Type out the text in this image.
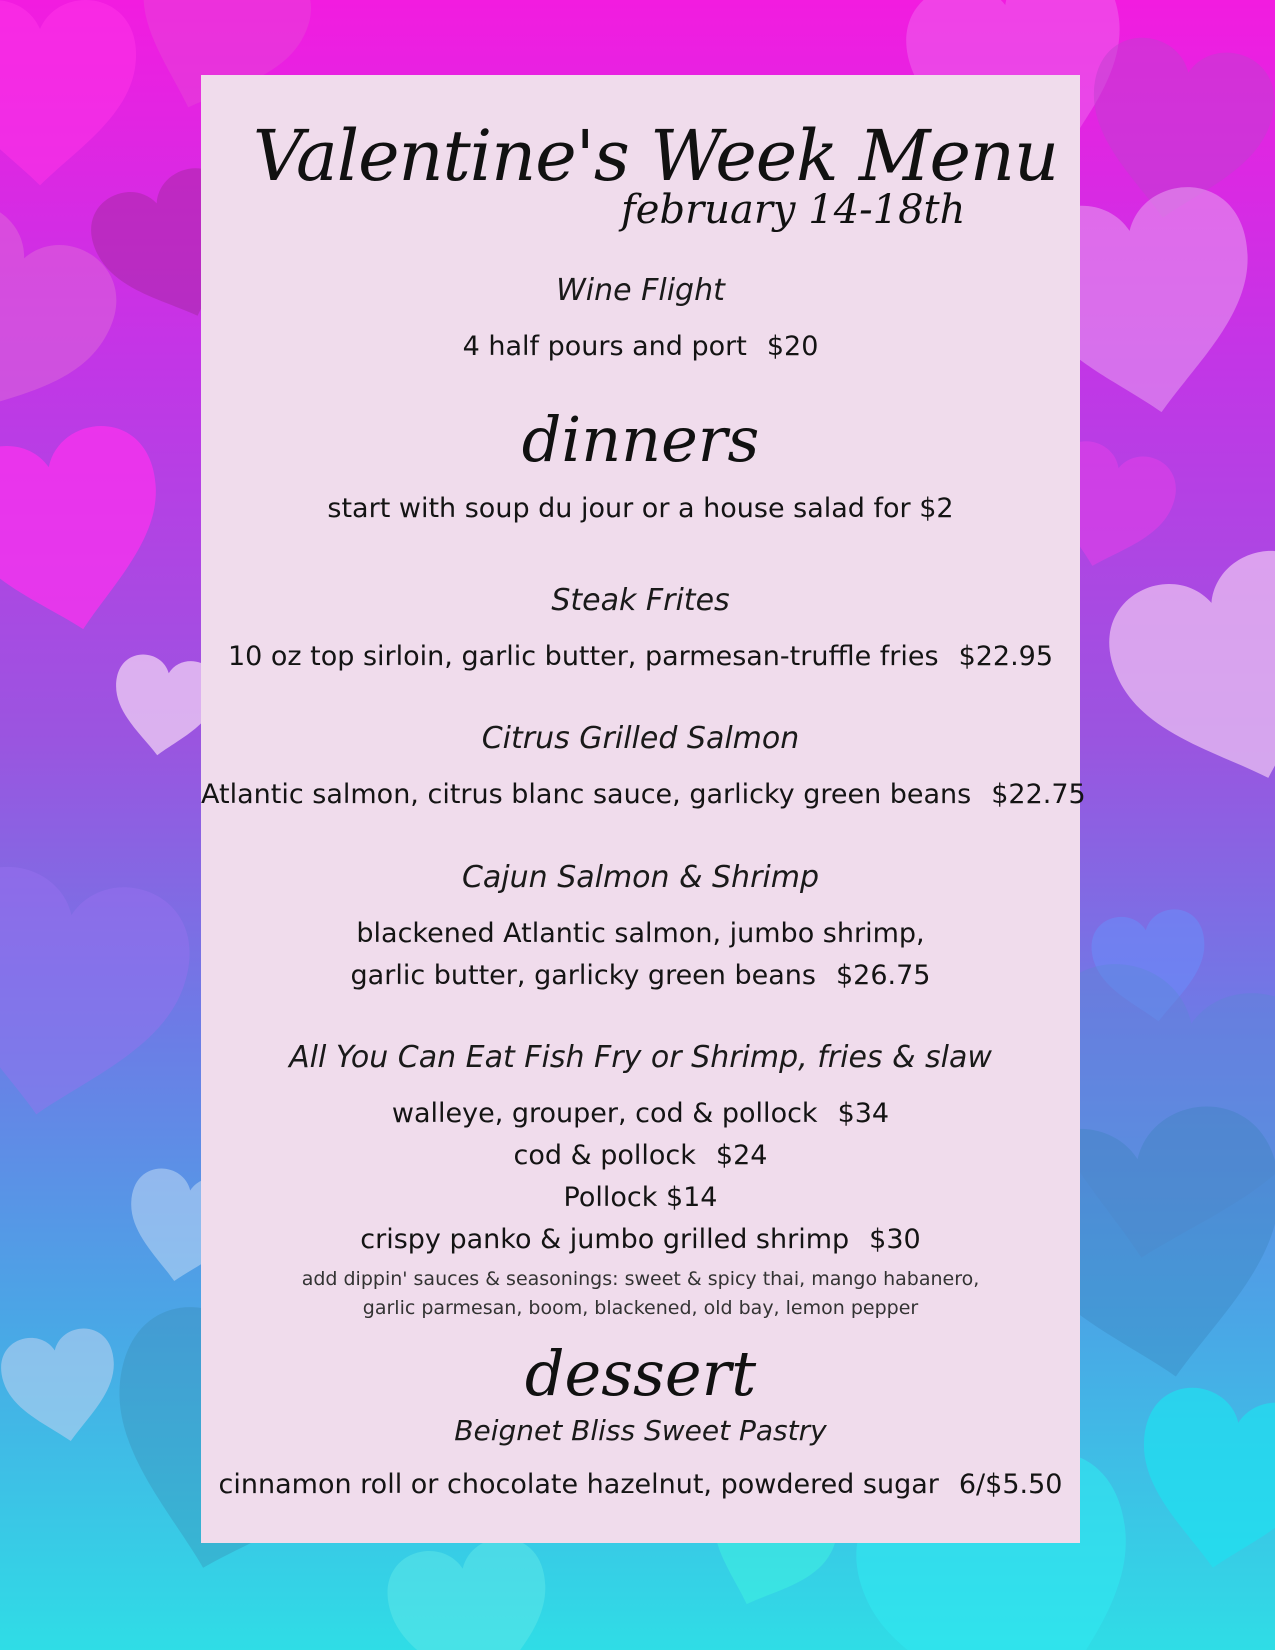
Valentine's Week Menu
february 14-18th
Wine Flight
4 half pours and port $20
dinners
start with soup du jour or a house salad for $2
Steak Frites
10 oz top sirloin, garlic butter, parmesan-truffle fries $22.95
Citrus Grilled Salmon
Atlantic salmon, citrus blanc sauce, garlicky green beans $22.75
Cajun Salmon & Shrimp
blackened Atlantic salmon, jumbo shrimp,
garlic butter, garlicky green beans $26.75
All You Can Eat Fish Fry or Shrimp, fries & slaw
walleye, grouper, cod & pollock $34
cod & pollock $24
Pollock $14
crispy panko & jumbo grilled shrimp $30
add dippin' sauces & seasonings: sweet & spicy thai, mango habanero,
garlic parmesan, boom, blackened, old bay, lemon pepper
dessert
Beignet Bliss Sweet Pastry
cinnamon roll or chocolate hazelnut, powdered sugar 6/$5.50
